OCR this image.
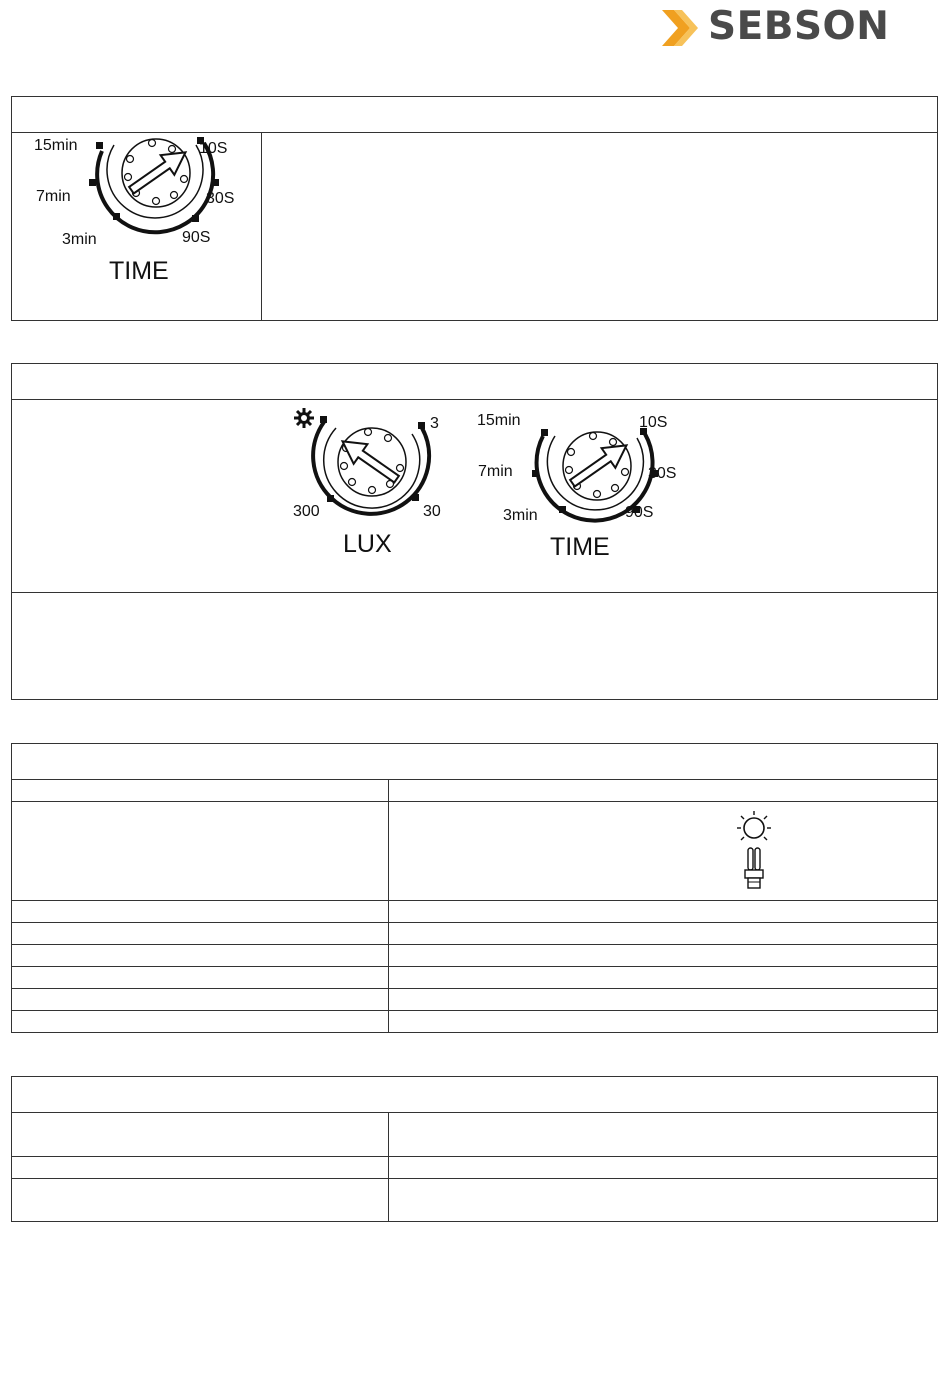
SEBSON
15min
7min
3min
10S
30S
90S
TIME
3
30
300
LUX
15min
7min
3min
10S
30S
90S
TIME
